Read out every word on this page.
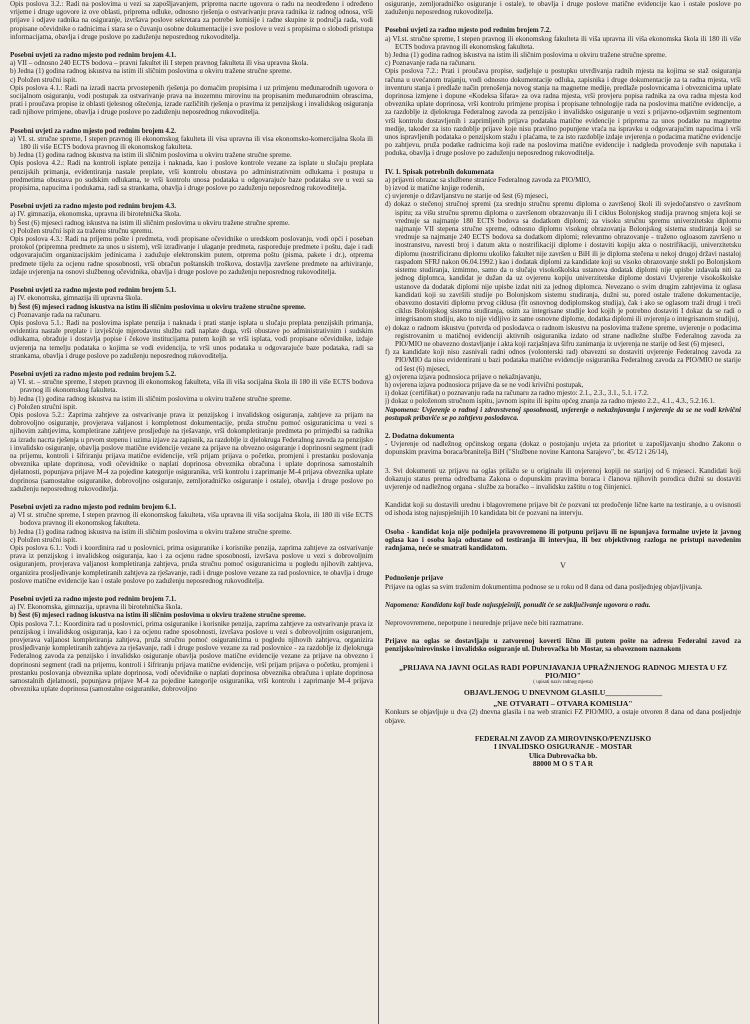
Opis poslova 3.2.: Radi na poslovima u vezi sa zapošljavanjem, priprema nacrte ugovora o radu na neodređeno i određeno vrijeme i druge ugovore iz ove oblasti, priprema odluke, odnosno rješenja o ostvarivanju prava radnika iz radnog odnosa, vrši prijave i odjave radnika na osiguranje, izvršava poslove sekretara za potrebe komisije i radne skupine iz područja rada, vodi propisane očevidnike o radnicima i stara se o čuvanju osobne dokumentacije i sve poslove u vezi s propisima o slobodi pristupa informacijama, obavlja i druge poslove po zaduženju neposrednog rukovoditelja.

Posebni uvjeti za radno mjesto pod rednim brojem 4.1.

a) VII – odnosno 240 ECTS bodova – pravni fakultet ili I stepen pravnog fakulteta ili visa upravna škola.

b) Jedna (1) godina radnog iskustva na istim ili sličnim poslovima u okviru tražene stručne spreme.

c) Položen stručni ispit.

Opis poslova 4.1.: Radi na izradi nacrta prvostepenih rješenja po domaćim propisima i uz primjenu međunarodnih ugovora o socijalnom osiguranju, vodi postupak za ostvarivanje prava na inozemnu mirovinu na propisanim međunarodnim obrascima, prati i proučava propise iz oblasti tjelesnog oštećenja, izrade različitih rješenja o pravima iz penzijskog i invalidskog osiguranja radi njihove primjene, obavlja i druge poslove po zaduženju neposrednog rukovoditelja.

Posebni uvjeti za radno mjesto pod rednim brojem 4.2.

a) VI. st. stručne spreme, I stepen pravnog ili ekonomskog fakulteta ili visa upravna ili visa ekonomsko-komercijalna škola ili 180 ili više ECTS bodova pravnog ili ekonomskog fakulteta.

b) Jedna (1) godina radnog iskustva na istim ili sličnim poslovima u okviru tražene stručne spreme.

Opis poslova 4.2.: Radi na kontroli isplate penzija i naknada, kao i poslove kontrole vezane za isplate u slučaju preplata penzijskih primanja, evidentiranja nastale preplate, vrši kontrolu obustava po administrativnim odlukama i postupa u predmetima obustava po sudskim odlukama, te vrši kontrolu unosa podataka u odgovarajuće baze podataka sve u vezi sa propisima, napucima i podukama, radi sa strankama, obavlja i druge poslove po zaduženju neposrednog rukovoditelja.

Posebni uvjeti za radno mjesto pod rednim brojem 4.3.

a) IV. gimnazija, ekonomska, upravna ili birotehnička škola.

b) Šest (6) mjeseci radnog iskustva na istim ili sličnim poslovima u okviru tražene stručne spreme.

c) Položen stručni ispit za traženu stručnu spremu.

Opis poslova 4.3.: Radi na prijemu pošte i predmeta, vodi propisane očevidnike o uredskom poslovanju, vodi opći i poseban protokol (pripremna predmete za unos u sistem), vrši izrađivanje i ulaganje predmeta, raspoređuje predmete i poštu, daje i radi odgovarajućim organizacijskim jedinicama i zadužuje elektronskim putem, otprema poštu (pisma, pakete i dr.), otprema predmete tijelu za ocjenu radne sposobnosti, vrši obračun poštanskih troškova, dostavlja završene predmete na arhiviranje, izdaje uvjerenja na osnovi službenog očevidnika, obavlja i druge poslove po zaduženju neposrednog rukovoditelja.

Posebni uvjeti za radno mjesto pod rednim brojem 5.1.

a) IV. ekonomska, gimnazija ili upravna škola.

b) Šest (6) mjeseci radnog iskustva na istim ili sličnim poslovima u okviru tražene stručne spreme.

c) Poznavanje rada na računaru.

Opis poslova 5.1.: Radi na poslovima isplate penzija i naknada i prati stanje isplata u slučaju preplata penzijskih primanja, evidentira nastale preplate i izvješćuje mjerodavnu službu radi naplate duga, vrši obustave po administrativnim i sudskim odlukama, obrađuje i dostavlja popise i čekove institucijama putem kojih se vrši isplata, vodi propisane očevidnike, izdaje uvjerenja na temelju podataka o kojima se vodi evidencija, te vrši unos podataka u odgovarajuće baze podataka, radi sa strankama, obavlja i druge poslove po zaduženju neposrednog rukovoditelja.

Posebni uvjeti za radno mjesto pod rednim brojem 5.2.

a) VI. st. – stručne spreme, I stepen pravnog ili ekonomskog fakulteta, viša ili viša socijalna škola ili 180 ili više ECTS bodova pravnog ili ekonomskog fakulteta.

b) Jedna (1) godina radnog iskustva na istim ili sličnim poslovima u okviru tražene stručne spreme.

c) Položen stručni ispit.

Opis poslova 5.2.: Zaprima zahtjeve za ostvarivanje prava iz penzijskog i invalidskog osiguranja, zahtjeve za prijam na dobrovoljno osiguranje, provjerava valjanost i kompletnost dokumentacije, pruža stručnu pomoć osiguranicima u vezi s njihovim zahtjevima, kompletirane zahtjeve prosljeđuje na rješavanje, vrši dokompletiranje predmeta po primjedbi sa radnika za izradu nacrta rješenja u prvom stepenu i uzima izjave za zapisnik, za razdoblje iz djelokruga Federalnog zavoda za penzijsko i invalidsko osiguranje, obavlja poslove matične evidencije vezane za prijave na obvezno osiguranje i doprinosni segment (radi na prijemu, kontroli i šifriranju prijava matične evidencije, vrši prijam prijava o početku, promjeni i prestanku poslovanja obveznika uplate doprinosa, vodi očevidnike o naplati doprinosa obveznika obračuna i uplate doprinosa samostalnih djelatnosti, popunjava prijave M-4 za pojedine kategorije osiguranika, vrši kontrolu i zaprimanje M-4 prijava obveznika uplate doprinosa (samostalne osiguranike, dobrovoljno osiguranje, zemljoradničko osiguranje i ostale), obavlja i druge poslove po zaduženju neposrednog rukovoditelja.

Posebni uvjeti za radno mjesto pod rednim brojem 6.1.

a) VI st. stručne spreme, I stepen pravnog ili ekonomskog fakulteta, viša upravna ili viša socijalna škola, ili 180 ili više ECTS bodova pravnog ili ekonomskog fakulteta.

b) Jedna (1) godina radnog iskustva na istim ili sličnim poslovima u okviru tražene stručne spreme.

c) Položen stručni ispit.

Opis poslova 6.1.: Vodi i koordinira rad u poslovnici, prima osiguranike i korisnike penzija, zaprima zahtjeve za ostvarivanje prava iz penzijskog i invalidskog osiguranja, kao i za ocjenu radne sposobnosti, izvršava poslove u vezi s dobrovoljnim osiguranjem, provjerava valjanost kompletiranja zahtjeva, pruža stručnu pomoć osiguranicima u pogledu njihovih zahtjeva, organizira prosljeđivanje kompletiranih zahtjeva za rješavanje, radi i druge poslove vezane za rad poslovnice, te obavlja i druge poslove matične evidencije kao i ostale poslove po zaduženju neposrednog rukovoditelja.

Posebni uvjeti za radno mjesto pod rednim brojem 7.1.

a) IV. Ekonomska, gimnazija, upravna ili birotehnička škola.

b) Šest (6) mjeseci radnog iskustva na istim ili sličnim poslovima u okviru tražene stručne spreme.

Opis poslova 7.1.: Koordinira rad u poslovnici, prima osiguranike i korisnike penzija, zaprima zahtjeve za ostvarivanje prava iz penzijskog i invalidskog osiguranja, kao i za ocjenu radne sposobnosti, izvršava poslove u vezi s dobrovoljnim osiguranjem, provjerava valjanost kompletiranja zahtjeva, pruža stručnu pomoć osiguranicima u pogledu njihovih zahtjeva, organizira prosljeđivanje kompletiranih zahtjeva za rješavanje, radi i druge poslove vezane za rad poslovnice - za razdoblje iz djelokruga Federalnog zavoda za penzijsko i invalidsko osiguranje obavlja poslove matične evidencije vezane za prijave na obvezno i doprinosni segment (radi na prijemu, kontroli i šifriranju prijava matične evidencije, vrši prijam prijava o početku, promjeni i prestanku poslovanja obveznika uplate doprinosa, vodi očevidnike o naplati doprinosa obveznika obračuna i uplate doprinosa samostalnih djelatnosti, popunjava prijave M-4 za pojedine kategorije osiguranika, vrši kontrolu i zaprimanje M-4 prijava obveznika uplate doprinosa (samostalne osiguranike, dobrovoljno

osiguranje, zemljoradničko osiguranje i ostale), te obavlja i druge poslove matične evidencije kao i ostale poslove po zaduženju neposrednog rukovoditelja.

Posebni uvjeti za radno mjesto pod rednim brojem 7.2.

a) VI.st. stručne spreme, I stepen pravnog ili ekonomskog fakulteta ili viša upravna ili viša ekonomska škola ili 180 ili više ECTS bodova pravnog ili ekonomskog fakulteta.

b) Jedna (1) godina radnog iskustva na istim ili sličnim poslovima u okviru tražene stručne spreme.

c) Poznavanje rada na računaru.

Opis poslova 7.2.: Prati i proučava propise, sudjeluje u postupku utvrđivanja radnih mjesta na kojima se staž osiguranja računa u uvećanom trajanju, vodi odnosno dokumentacije odluka, zapisnika i druge dokumentacije za ta radna mjesta, vrši inventuru stanja i predlaže način prenošenja novog stanja na magnetne medije, predlaže poslovnicama i obveznicima uplate doprinosa izmjene i dopune «Kodeksa šifara» za ova radna mjesta, vrši provjeru popisa radnika za ova radna mjesta kod obveznika uplate doprinosa, vrši kontrolu primjene propisa i propisane tehnologije rada na poslovima matične evidencije, a za razdoblje iz djelokruga Federalnog zavoda za penzijsko i invalidsko osiguranje u vezi s prijavno-odjavnim segmentom vrši kontrolu dostavljenih i zaprimljenih prijava podataka matične evidencije i priprema za unos podatke na magnetne medije, također za isto razdoblje prijave koje nisu pravilno popunjene vraća na ispravku u odgovarajućim napucima i vrši unos ispravljenih podataka o penzijskom stažu i plaćama, te za isto razdoblje izdaje uvjerenja o podacima matične evidencije po zahtjevu, pruža podatke radnicima koji rade na poslovima matične evidencije i nadgleda provođenje svih naputaka i poduka, obavlja i druge poslove po zaduženju neposrednog rukovoditelja.

IV. 1. Spisak potrebnih dokumenata

a) prijavni obrazac sa službene stranice Federalnog zavoda za PIO/MIO,

b) izvod iz matične knjige rođenih,

c) uvjerenje o državljanstvu ne starije od šest (6) mjeseci,

d) dokaz o stečenoj stručnoj spremi (za srednju stručnu spremu diploma o završenoj školi ili svjedočanstvo o završnom ispitu; za višu stručnu spremu diploma o završenom obrazovanju ili I ciklus Bolonjskog studija pravnog smjera koji se vrednuje sa najmanje 180 ECTS bodova sa dodatkom diplomi; za visoku stručnu spremu univerzitetsku diplomu najmanje VII stepena stručne spreme, odnosno diplomu visokog obrazovanja Bolonjskog sistema studiranja koji se vrednuje sa najmanje 240 ECTS bodova sa dodatkom diplomi; relevantno obrazovanje - traženo ogloasom završeno u inostranstvu, navesti broj i datum akta o nostrifikaciji diplome i dostaviti kopiju akta o nostrifikaciji, univerzitetsku diplomu (nostrificiranu diplomu ukoliko fakultet nije završen u BiH ili je diploma stečena u nekoj drugoj državi nastaloj raspadom SFRJ nakon 06.04.1992.) kao i dodatak diplomi za kandidate koji su visoko obrazovanje stekli po Bolonjskom sistemu studiranja, izmimno, samo da u slučaju visokoškolska ustanova dodatak diplomi nije upisbe izdavala niti za jednog diplomca, kandidat je dužan da uz ovjerenu kopiju univerzitetske diplome dostavi Uvjerenje visokoškolske ustanove da dodatak diplomi nije upisbe izdat niti za jednog diplomca. Nevezano o svim drugim zahtjevima iz oglasa kandidati koji su završili studije po Bolonjskom sistemu studiranja, dužni su, pored ostale tražene dokumentacije, obavezno dostaviti diplomu prvog ciklusa (fit osnovnog dodiplomskog studija), čak i ako se oglasom traži drugi i treći ciklus Bolonjskog sistema studiranja, osim za integrisane studije kod kojih je potrebno dostaviti I dokaz da se radi o integrisanom studiju, ako to nije vidljivo iz same osnovne diplome, dodatka diplomi ili uvjerenja o integrisanom studiju),

e) dokaz o radnom iskustvu (potvrda od poslodavca o radnom iskustvu na poslovima tražene spreme, uvjerenje o podacima registrovanim u matičnoj evidenciji aktivnih osiguranika izdato od strane nadležne službe Federalnog zavoda za PIO/MIO ne obavezno dostavljanje i akta koji razjašnjava šifru zanimanja iz uvjerenja ne starije od šest (6) mjeseci,

f) za kandidate koji nisu zasnivali radni odnos (volonterski rad) obavezni su dostaviti uvjerenje Federalnog zavoda za PIO/MIO da nisu evidentirani u bazi podataka matične evidencije osiguranika Federalnog zavoda za PIO/MIO ne starije od šest (6) mjeseci,

g) ovjerena izjava podnosioca prijave o nekažnjavanju,

h) ovjerena izjava podnosioca prijave da se ne vodi krivični postupak,

i) dokaz (certifikat) o poznavanju rada na računaru za radno mjesto: 2.1., 2.3., 3.1., 5.1. i 7.2.

j) dokaz o položenom stručnom ispitu, javnom ispitu ili ispitu općeg znanja za radno mjesto 2.2., 4.1., 4.3., 5.2.16.1.

Napomena: Uvjerenje o radnoj i zdravstvenoj sposobnosti, uvjerenje o nekažnjavanju i uvjerenje da se ne vodi krivični postupak pribaviće se po zahtjevu poslodavca.

2. Dodatna dokumenta

- Uvjerenje od nadležnog općinskog organa (dokaz o postojanju uvjeta za prioritet u zapošljavanju shodno Zakonu o dopunskim pravima boraca/branitelja BiH ("Službene novine Kantona Sarajevo", br. 45/12 i 26/14),

3. Svi dokumenti uz prijavu na oglas prilažu se u originalu ili ovjerenoj kopiji ne starijoj od 6 mjeseci. Kandidati koji dokazuju status prema odredbama Zakona o dopunskim pravima boraca i članova njihovih porodica dužni su dostaviti uvjerenje od nadležnog organa - službe za boračko – invalidsku zaštitu o tog čiinjenici.

Kandidat koji su dostavili urednu i blagovremene prijave bit će pozvani uz predočenje lične karte na testiranje, a u ovisnosti od ishoda istog najuspješnijih 10 kandidata bit će pozvani na intervju.

Osoba - kandidat koja nije podnijela pravovremeno ili potpunu prijavu ili ne ispunjava formalne uvjete iz javnog oglasa kao i osoba koja odustane od testiranja ili intervjua, ili bez objektivnog razloga ne pristupi navedenim radnjama, neće se smatrati kandidatom.

V

Podnošenje prijave

Prijave na oglas sa svim traženim dokumentima podnose se u roku od 8 dana od dana posljednjeg objavljivanja.

Napomena: Kandidatu koji bude najuspješniji, ponudit će se zaključivanje ugovora o radu.

Neprovovremene, nepotpune i neurednje prijave neće biti razmatrane.

Prijave na oglas se dostavljaju u zatvorenoj koverti lično ili putem pošte na adresu Federalni zavod za penzijsko/mirovinsko i invalidsko osiguranje ul. Dubrovačka bb Mostar, sa obaveznom naznakom

„PRIJAVA NA JAVNI OGLAS RADI POPUNJAVANJA UPRAŽNJENOG RADNOG MJESTA U FZ PIO/MIO"

( upisati naziv radnog mjesta)

OBJAVLJENOG U DNEVNOM GLASILU_______________

„NE OTVARATI – OTVARA KOMISIJA"

Konkurs se objavljuje u dva (2) dnevna glasila i na web stranici FZ PIO/MIO, a ostaje otvoren 8 dana od dana posljednje objave.

FEDERALNI ZAVOD ZA MIROVINSKO/PENZIJSKO

I INVALIDSKO OSIGURANJE - MOSTAR

Ulica Dubrovačka bb.

88000 M O S T A R
